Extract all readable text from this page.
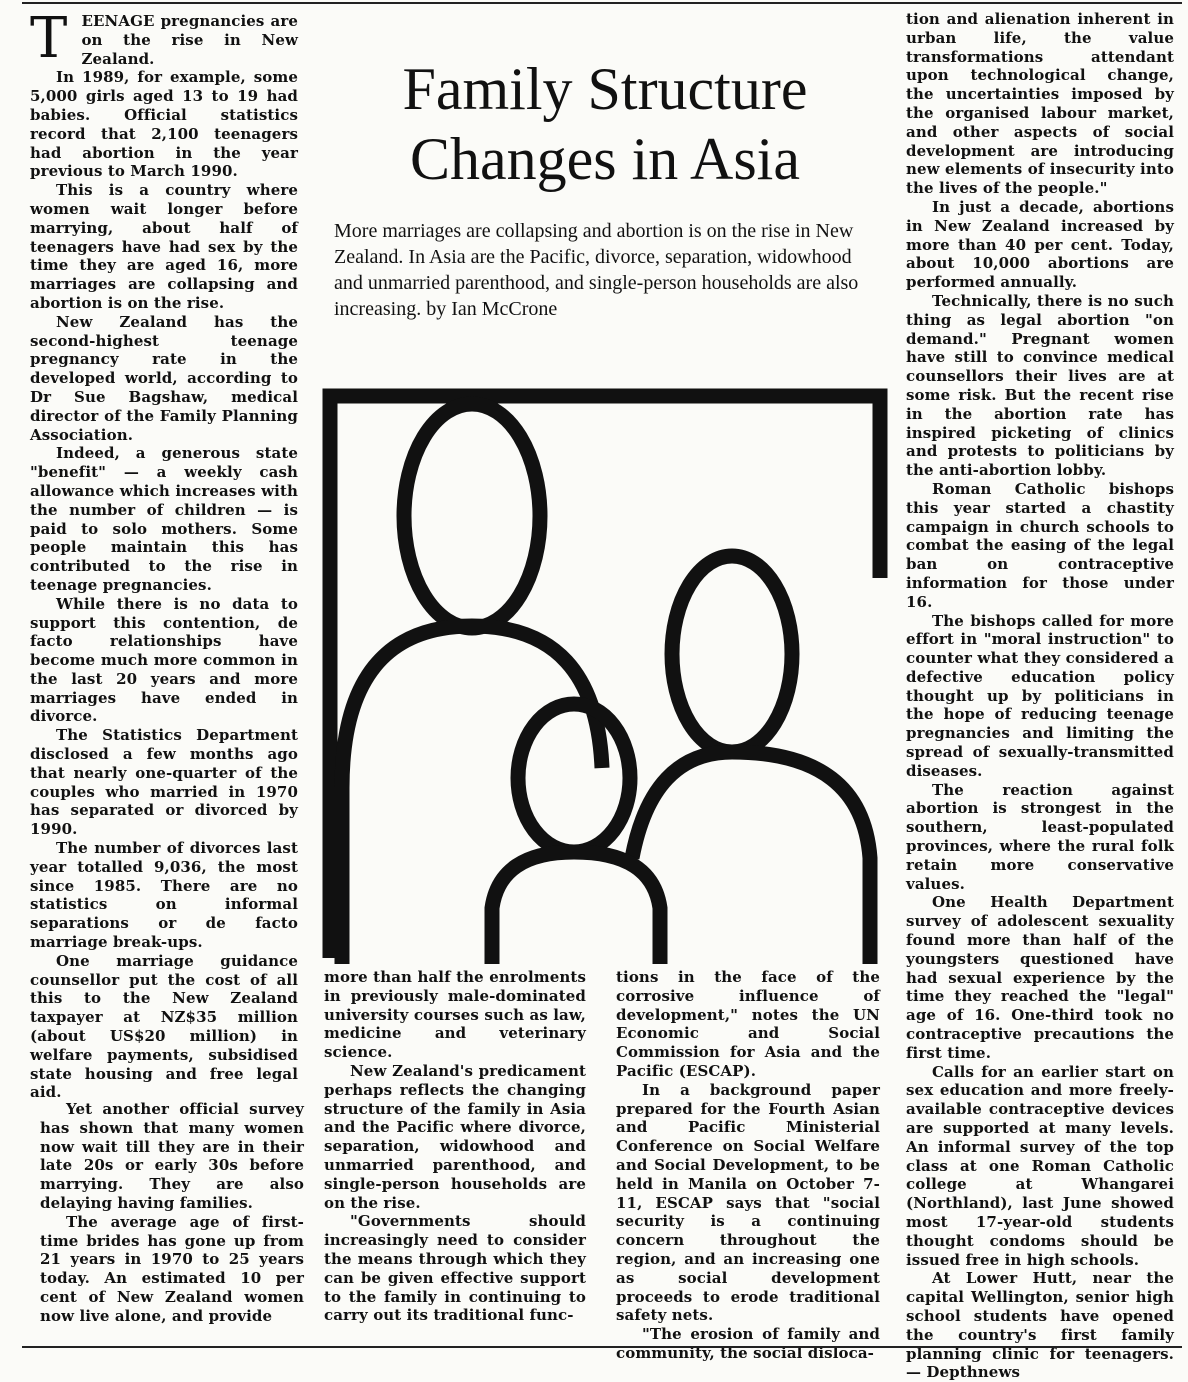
Family Structure Changes in Asia
More marriages are collapsing and abortion is on the rise in New Zealand. In Asia are the Pacific, divorce, separation, widowhood and unmarried parenthood, and single-person households are also increasing. by Ian McCrone

TEENAGE pregnancies are on the rise in New Zealand.

In 1989, for example, some 5,000 girls aged 13 to 19 had babies. Official statistics record that 2,100 teenagers had abortion in the year previous to March 1990.

This is a country where women wait longer before marrying, about half of teenagers have had sex by the time they are aged 16, more marriages are collapsing and abortion is on the rise.

New Zealand has the second-highest teenage pregnancy rate in the developed world, according to Dr Sue Bagshaw, medical director of the Family Planning Association.

Indeed, a generous state "benefit" — a weekly cash allowance which increases with the number of children — is paid to solo mothers. Some people maintain this has contributed to the rise in teenage pregnancies.

While there is no data to support this contention, de facto relationships have become much more common in the last 20 years and more marriages have ended in divorce.

The Statistics Department disclosed a few months ago that nearly one-quarter of the couples who married in 1970 has separated or divorced by 1990.

The number of divorces last year totalled 9,036, the most since 1985. There are no statistics on informal separations or de facto marriage break-ups.

One marriage guidance counsellor put the cost of all this to the New Zealand taxpayer at NZ$35 million (about US$20 million) in welfare payments, subsidised state housing and free legal aid.

Yet another official survey has shown that many women now wait till they are in their late 20s or early 30s before marrying. They are also delaying having families.

The average age of first-time brides has gone up from 21 years in 1970 to 25 years today. An estimated 10 per cent of New Zealand women now live alone, and provide

more than half the enrolments in previously male-dominated university courses such as law, medicine and veterinary science.

New Zealand's predicament perhaps reflects the changing structure of the family in Asia and the Pacific where divorce, separation, widowhood and unmarried parenthood, and single-person households are on the rise.

"Governments should increasingly need to consider the means through which they can be given effective support to the family in continuing to carry out its traditional func-

tions in the face of the corrosive influence of development," notes the UN Economic and Social Commission for Asia and the Pacific (ESCAP).

In a background paper prepared for the Fourth Asian and Pacific Ministerial Conference on Social Welfare and Social Development, to be held in Manila on October 7-11, ESCAP says that "social security is a continuing concern throughout the region, and an increasing one as social development proceeds to erode traditional safety nets.

"The erosion of family and community, the social disloca-

tion and alienation inherent in urban life, the value transformations attendant upon technological change, the uncertainties imposed by the organised labour market, and other aspects of social development are introducing new elements of insecurity into the lives of the people."

In just a decade, abortions in New Zealand increased by more than 40 per cent. Today, about 10,000 abortions are performed annually.

Technically, there is no such thing as legal abortion "on demand." Pregnant women have still to convince medical counsellors their lives are at some risk. But the recent rise in the abortion rate has inspired picketing of clinics and protests to politicians by the anti-abortion lobby.

Roman Catholic bishops this year started a chastity campaign in church schools to combat the easing of the legal ban on contraceptive information for those under 16.

The bishops called for more effort in "moral instruction" to counter what they considered a defective education policy thought up by politicians in the hope of reducing teenage pregnancies and limiting the spread of sexually-transmitted diseases.

The reaction against abortion is strongest in the southern, least-populated provinces, where the rural folk retain more conservative values.

One Health Department survey of adolescent sexuality found more than half of the youngsters questioned have had sexual experience by the time they reached the "legal" age of 16. One-third took no contraceptive precautions the first time.

Calls for an earlier start on sex education and more freely-available contraceptive devices are supported at many levels. An informal survey of the top class at one Roman Catholic college at Whangarei (Northland), last June showed most 17-year-old students thought condoms should be issued free in high schools.

At Lower Hutt, near the capital Wellington, senior high school students have opened the country's first family planning clinic for teenagers. — Depthnews
